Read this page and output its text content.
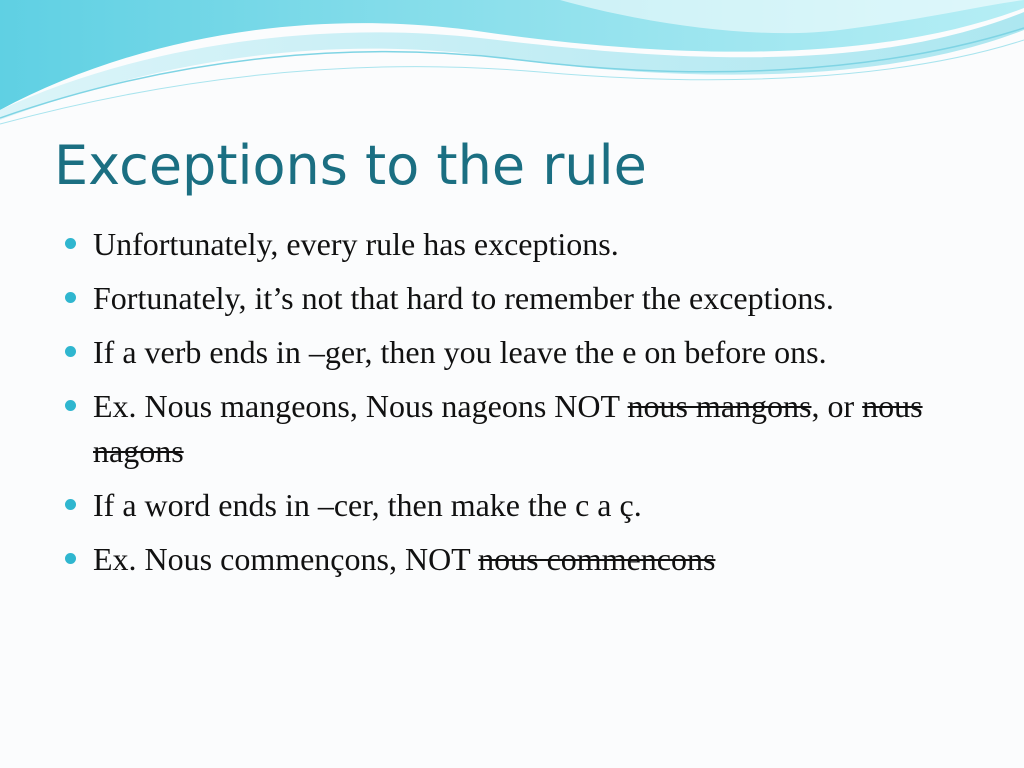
Exceptions to the rule
Unfortunately, every rule has exceptions.
Fortunately, it’s not that hard to remember the exceptions.
If a verb ends in –ger, then you leave the e on before ons.
Ex. Nous mangeons, Nous nageons NOT nous mangons, or nous nagons
If a word ends in –cer, then make the c a ç.
Ex. Nous commençons, NOT nous commencons
